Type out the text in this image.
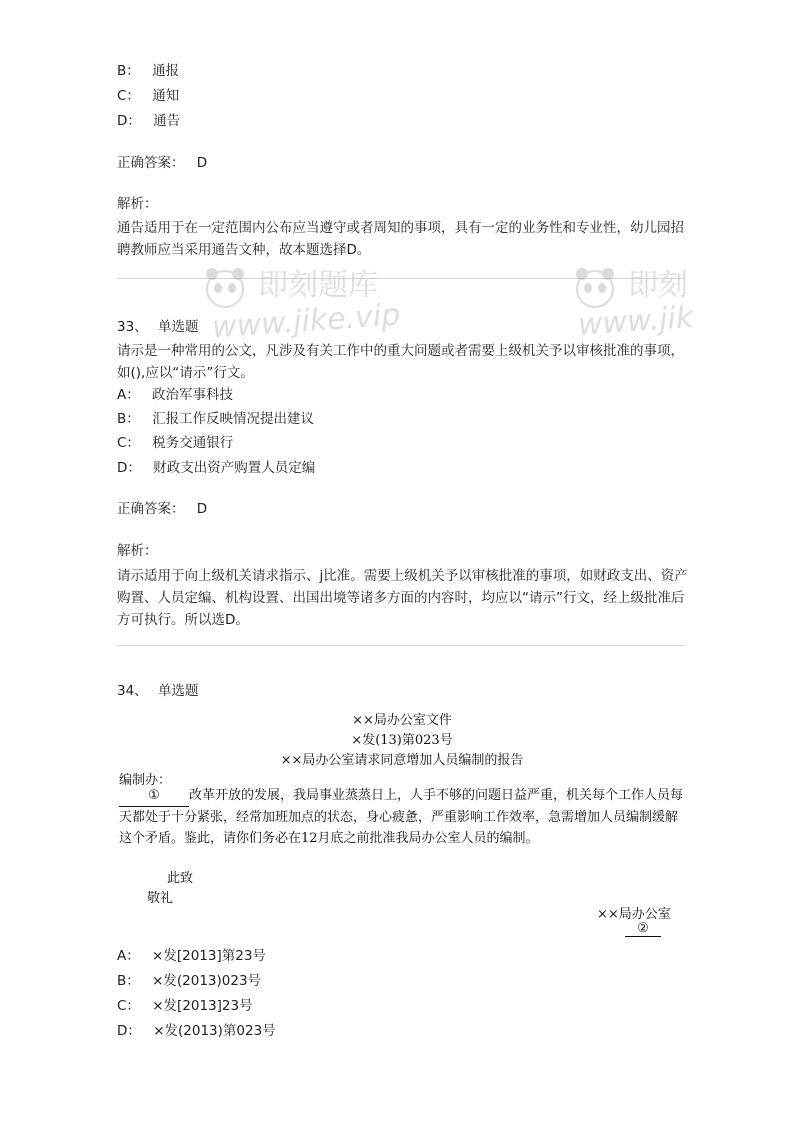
B： 通报
C： 通知
D： 通告
正确答案： D
解析：
通告适用于在一定范围内公布应当遵守或者周知的事项，具有一定的业务性和专业性，幼儿园招聘教师应当采用通告文种，故本题选择D。
即刻题库
www.jike.vip
即刻
www.jik
33、 单选题
请示是一种常用的公文，凡涉及有关工作中的重大问题或者需要上级机关予以审核批准的事项，如(),应以“请示”行文。
A： 政治军事科技
B： 汇报工作反映情况提出建议
C： 税务交通银行
D： 财政支出资产购置人员定编
正确答案： D
解析：
请示适用于向上级机关请求指示、j比准。需要上级机关予以审核批准的事项，如财政支出、资产购置、人员定编、机构设置、出国出境等诸多方面的内容时，均应以“请示”行文，经上级批准后方可执行。所以选D。
34、 单选题
××局办公室文件
×发(13)第023号
××局办公室请求同意增加人员编制的报告
编制办：
① 改革开放的发展，我局事业蒸蒸日上，人手不够的问题日益严重，机关每个工作人员每天都处于十分紧张，经常加班加点的状态，身心疲惫，严重影响工作效率，急需增加人员编制缓解这个矛盾。鉴此，请你们务必在12月底之前批准我局办公室人员的编制。
此致
敬礼
××局办公室
②
A： ×发[2013]第23号
B： ×发(2013)023号
C： ×发[2013]23号
D： ×发(2013)第023号
